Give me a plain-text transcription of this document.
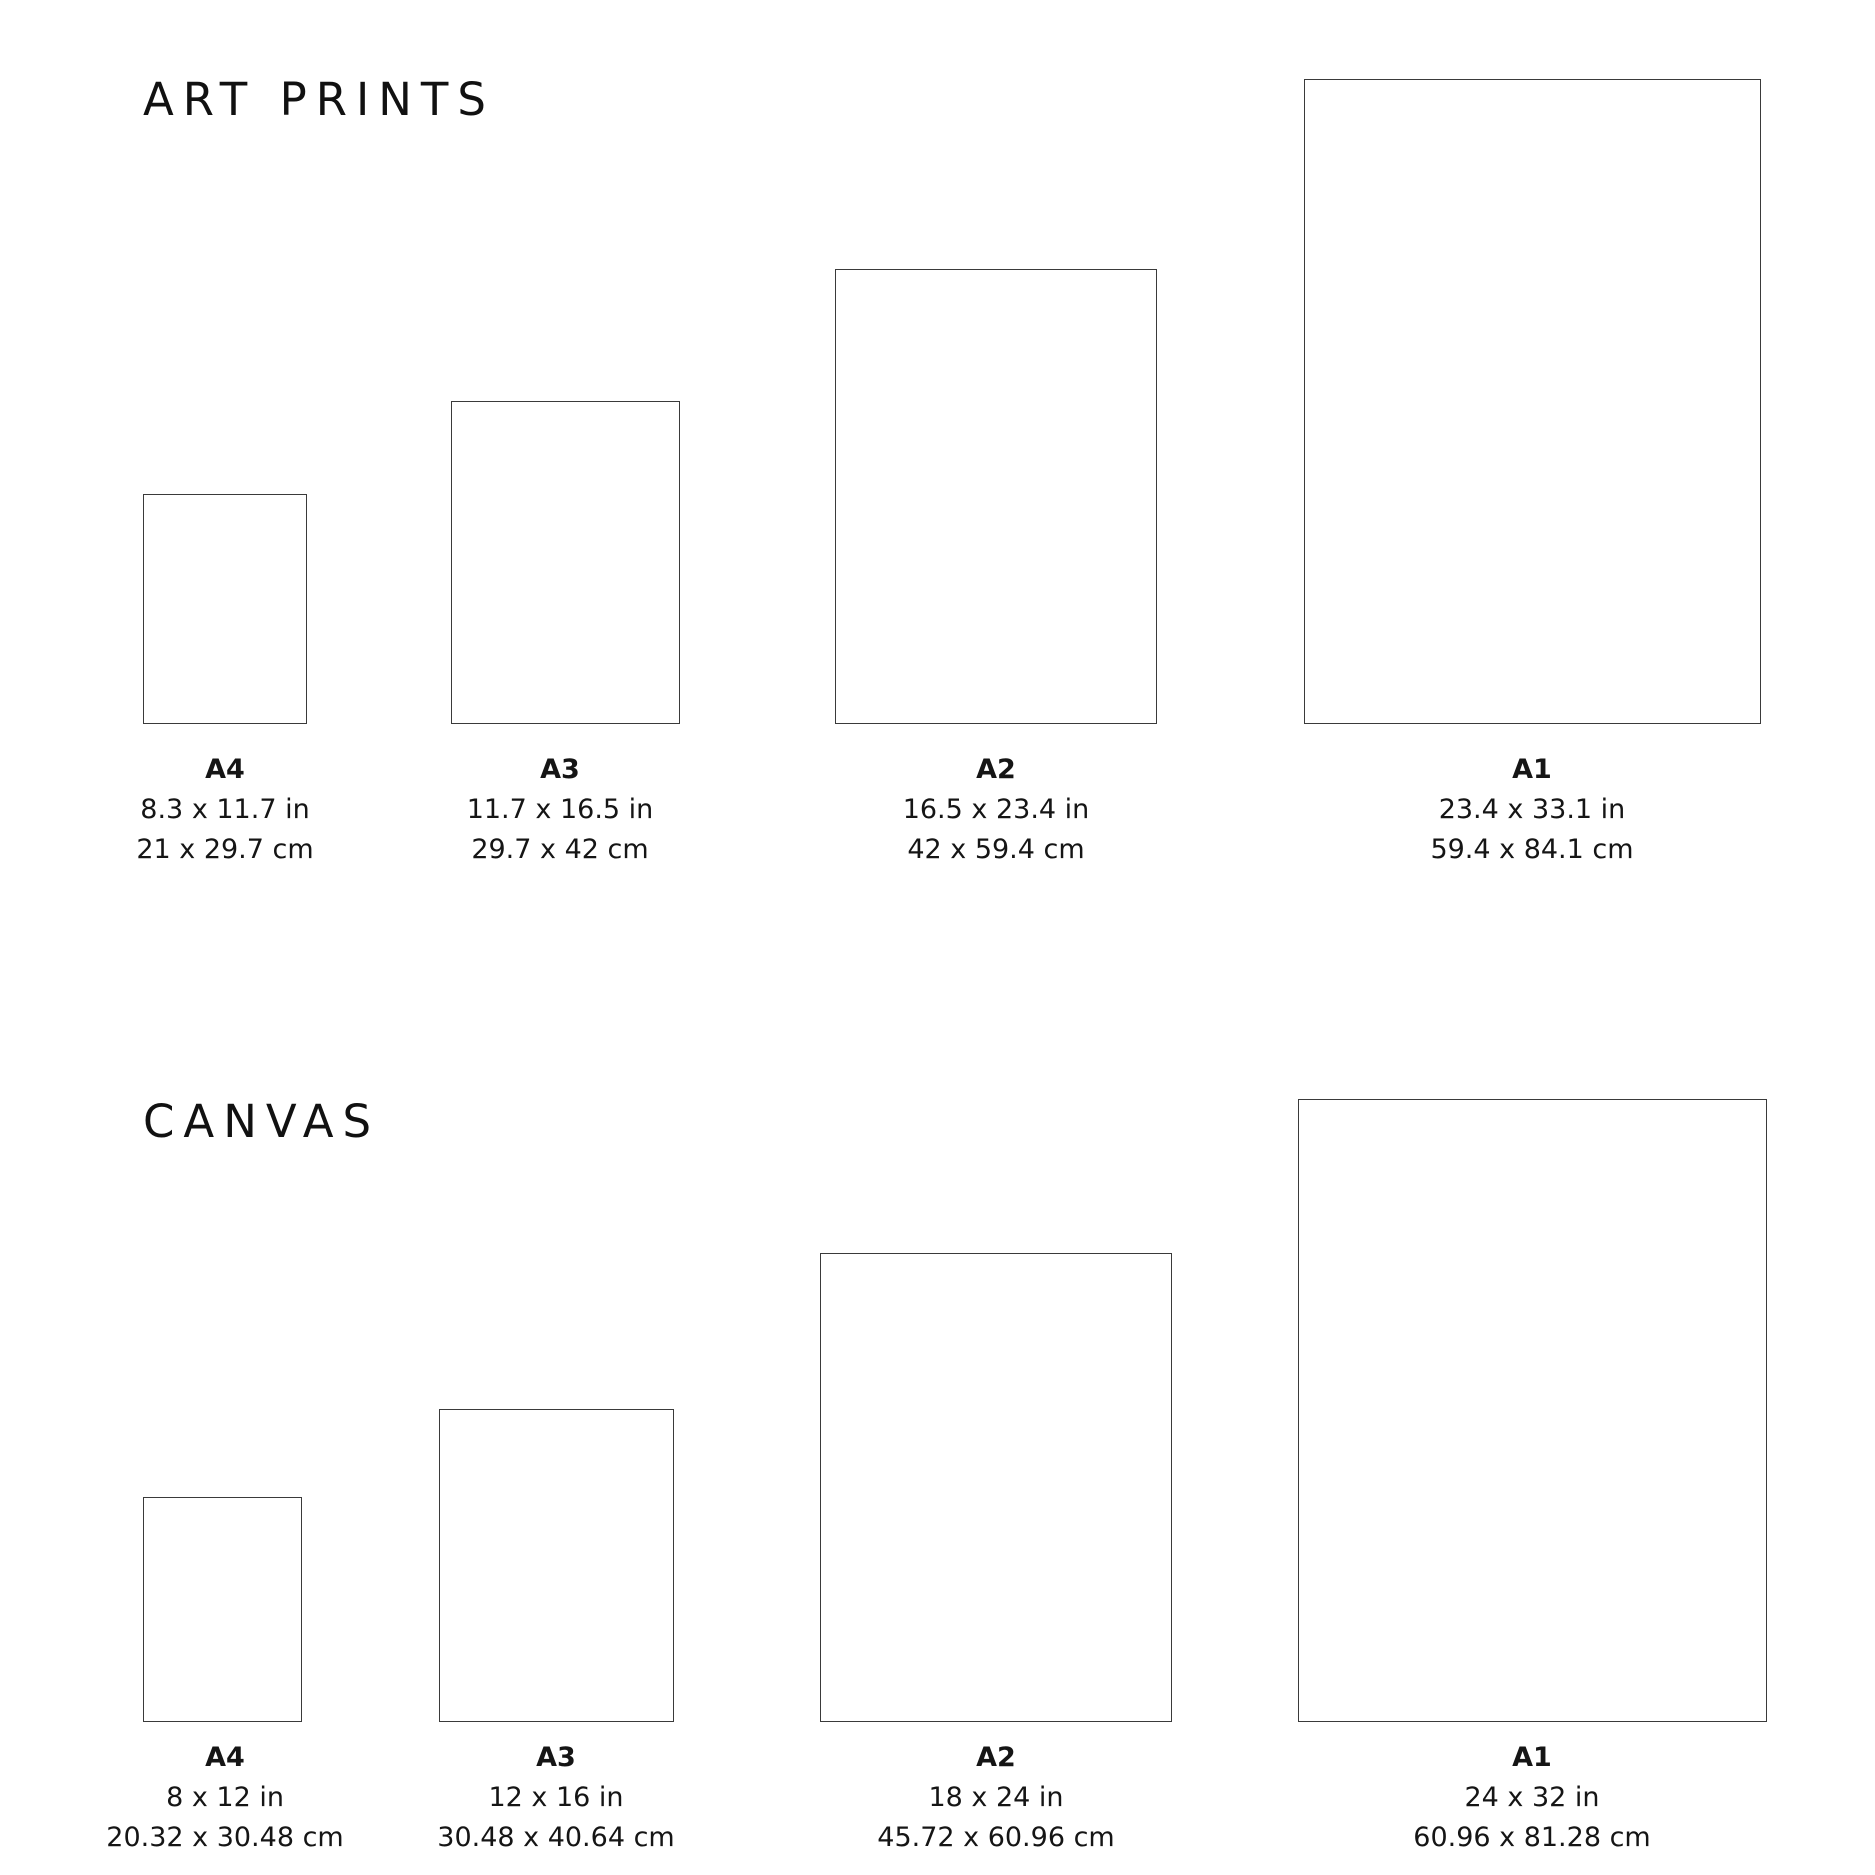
ART PRINTS
A4
8.3 x 11.7 in
21 x 29.7 cm
A3
11.7 x 16.5 in
29.7 x 42 cm
A2
16.5 x 23.4 in
42 x 59.4 cm
A1
23.4 x 33.1 in
59.4 x 84.1 cm
CANVAS
A4
8 x 12 in
20.32 x 30.48 cm
A3
12 x 16 in
30.48 x 40.64 cm
A2
18 x 24 in
45.72 x 60.96 cm
A1
24 x 32 in
60.96 x 81.28 cm
